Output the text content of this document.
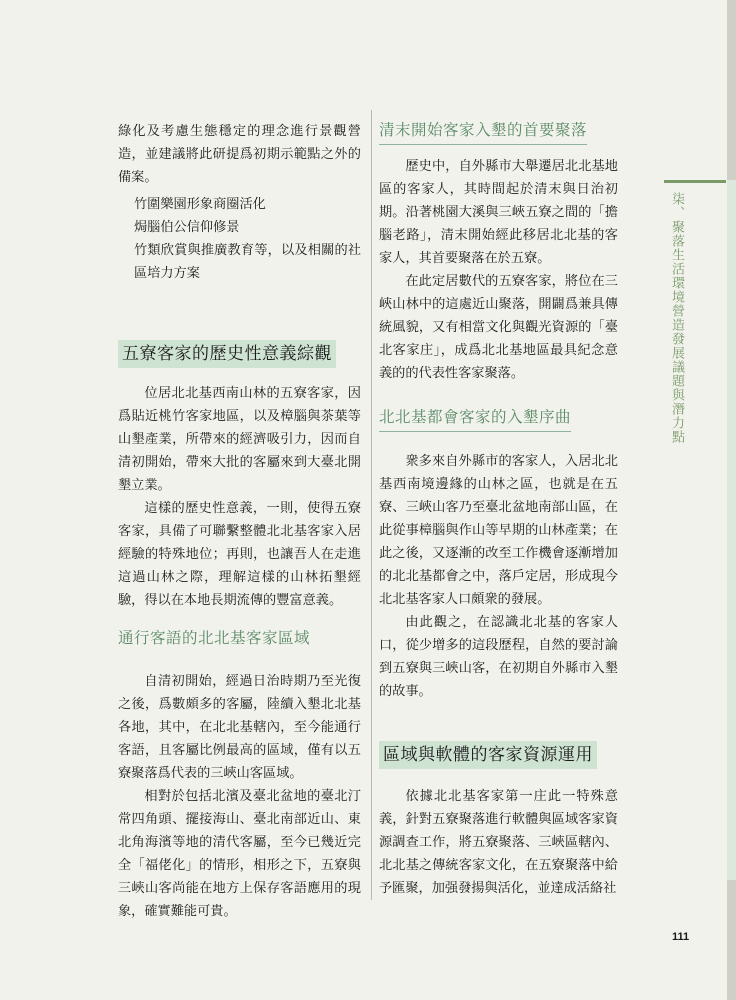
綠化及考慮生態穩定的理念進行景觀營造，並建議將此研提爲初期示範點之外的備案。

竹圍樂園形象商圈活化
焗腦伯公信仰修景
竹類欣賞與推廣教育等，以及相關的社區培力方案
五寮客家的歷史性意義綜觀

位居北北基西南山林的五寮客家，因爲貼近桃竹客家地區，以及樟腦與茶葉等山墾產業，所帶來的經濟吸引力，因而自清初開始，帶來大批的客屬來到大臺北開墾立業。

這樣的歷史性意義，一則，使得五寮客家，具備了可聯繫整體北北基客家入居經驗的特殊地位；再則，也讓吾人在走進這過山林之際，理解這樣的山林拓墾經驗，得以在本地長期流傳的豐富意義。

通行客語的北北基客家區域

自清初開始，經過日治時期乃至光復之後，爲數頗多的客屬，陸續入墾北北基各地，其中，在北北基轄內，至今能通行客語，且客屬比例最高的區域，僅有以五寮聚落爲代表的三峽山客區域。

相對於包括北濱及臺北盆地的臺北汀常四角頭、擺接海山、臺北南部近山、東北角海濱等地的清代客屬，至今已幾近完全「福佬化」的情形，相形之下，五寮與三峽山客尚能在地方上保存客語應用的現象，確實難能可貴。

清末開始客家入墾的首要聚落

歷史中，自外縣市大舉遷居北北基地區的客家人，其時間起於清末與日治初期。沿著桃園大溪與三峽五寮之間的「擔腦老路」，清末開始經此移居北北基的客家人，其首要聚落在於五寮。

在此定居數代的五寮客家，將位在三峽山林中的這處近山聚落，開闢爲兼具傳統風貌，又有相當文化與觀光資源的「臺北客家庄」，成爲北北基地區最具紀念意義的的代表性客家聚落。

北北基都會客家的入墾序曲

衆多來自外縣市的客家人，入居北北基西南境邊緣的山林之區，也就是在五寮、三峽山客乃至臺北盆地南部山區，在此從事樟腦與作山等早期的山林產業；在此之後，又逐漸的改至工作機會逐漸增加的北北基都會之中，落戶定居，形成現今北北基客家人口頗衆的發展。

由此觀之，在認識北北基的客家人口，從少增多的這段歷程，自然的要討論到五寮與三峽山客，在初期自外縣市入墾的故事。

區域與軟體的客家資源運用

依據北北基客家第一庄此一特殊意義，針對五寮聚落進行軟體與區域客家資源調查工作，將五寮聚落、三峽區轄內、北北基之傳統客家文化，在五寮聚落中給予匯聚，加强發揚與活化，並達成活絡社

柒、聚落生活環境營造發展議題與潛力點
111
